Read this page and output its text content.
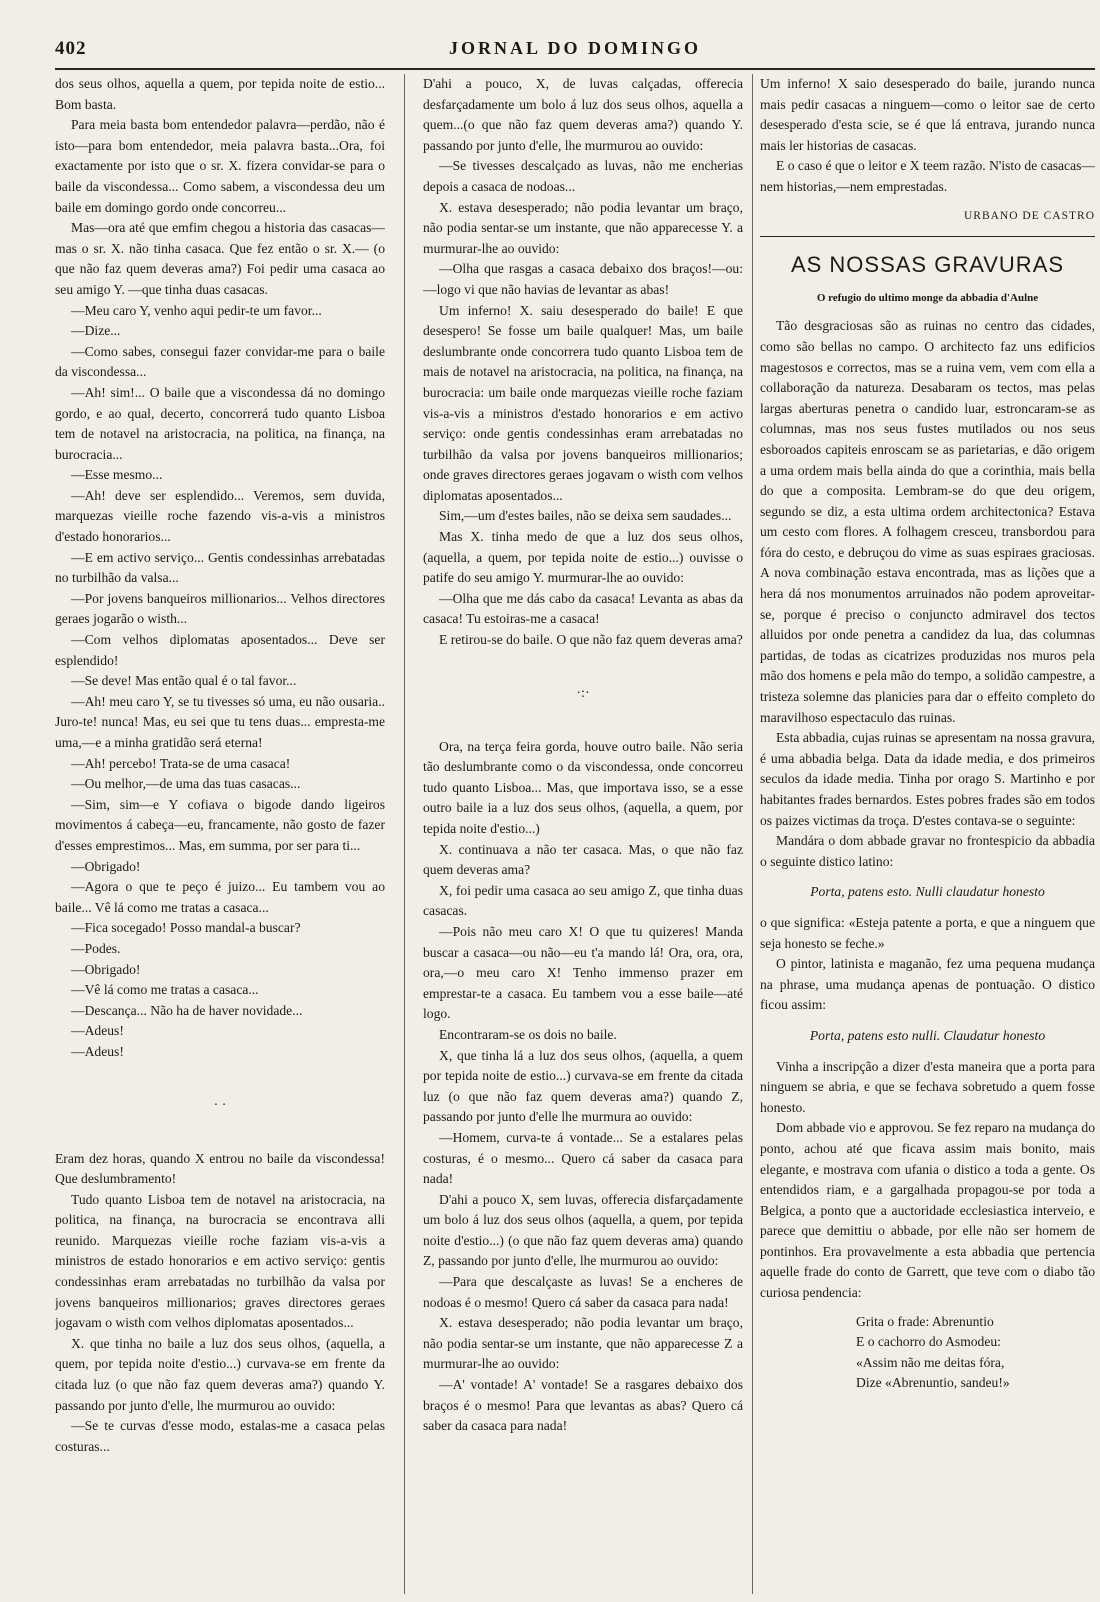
JORNAL DO DOMINGO
402

dos seus olhos, aquella a quem, por tepida noite de estio... Bom basta.

Para meia basta bom entendedor palavra—perdão, não é isto—para bom entendedor, meia palavra basta...Ora, foi exactamente por isto que o sr. X. fizera convidar-se para o baile da viscondessa... Como sabem, a viscondessa deu um baile em domingo gordo onde concorreu...

Mas—ora até que emfim chegou a historia das casacas—mas o sr. X. não tinha casaca. Que fez então o sr. X.— (o que não faz quem deveras ama?) Foi pedir uma casaca ao seu amigo Y. —que tinha duas casacas.

—Meu caro Y, venho aqui pedir-te um favor...

—Dize...

—Como sabes, consegui fazer convidar-me para o baile da viscondessa...

—Ah! sim!... O baile que a viscondessa dá no domingo gordo, e ao qual, decerto, concorrerá tudo quanto Lisboa tem de notavel na aristocracia, na politica, na finança, na burocracia...

—Esse mesmo...

—Ah! deve ser esplendido... Veremos, sem duvida, marquezas vieille roche fazendo vis-a-vis a ministros d'estado honorarios...

—E em activo serviço... Gentis condessinhas arrebatadas no turbilhão da valsa...

—Por jovens banqueiros millionarios... Velhos directores geraes jogarão o wisth...

—Com velhos diplomatas aposentados... Deve ser esplendido!

—Se deve! Mas então qual é o tal favor...

—Ah! meu caro Y, se tu tivesses só uma, eu não ousaria.. Juro-te! nunca! Mas, eu sei que tu tens duas... empresta-me uma,—e a minha gratidão será eterna!

—Ah! percebo! Trata-se de uma casaca!

—Ou melhor,—de uma das tuas casacas...

—Sim, sim—e Y cofiava o bigode dando ligeiros movimentos á cabeça—eu, francamente, não gosto de fazer d'esses emprestimos... Mas, em summa, por ser para ti...

—Obrigado!

—Agora o que te peço é juizo... Eu tambem vou ao baile... Vê lá como me tratas a casaca...

—Fica socegado! Posso mandal-a buscar?

—Podes.

—Obrigado!

—Vê lá como me tratas a casaca...

—Descança... Não ha de haver novidade...

—Adeus!

—Adeus!

· ·

Eram dez horas, quando X entrou no baile da viscondessa! Que deslumbramento!

Tudo quanto Lisboa tem de notavel na aristocracia, na politica, na finança, na burocracia se encontrava alli reunido. Marquezas vieille roche faziam vis-a-vis a ministros de estado honorarios e em activo serviço: gentis condessinhas eram arrebatadas no turbilhão da valsa por jovens banqueiros millionarios; graves directores geraes jogavam o wisth com velhos diplomatas aposentados...

X. que tinha no baile a luz dos seus olhos, (aquella, a quem, por tepida noite d'estio...) curvava-se em frente da citada luz (o que não faz quem deveras ama?) quando Y. passando por junto d'elle, lhe murmurou ao ouvido:

—Se te curvas d'esse modo, estalas-me a casaca pelas costuras...

D'ahi a pouco, X, de luvas calçadas, offerecia desfarçadamente um bolo á luz dos seus olhos, aquella a quem...(o que não faz quem deveras ama?) quando Y. passando por junto d'elle, lhe murmurou ao ouvido:

—Se tivesses descalçado as luvas, não me encherias depois a casaca de nodoas...

X. estava desesperado; não podia levantar um braço, não podia sentar-se um instante, que não apparecesse Y. a murmurar-lhe ao ouvido:

—Olha que rasgas a casaca debaixo dos braços!—ou:—logo vi que não havias de levantar as abas!

Um inferno! X. saiu desesperado do baile! E que desespero! Se fosse um baile qualquer! Mas, um baile deslumbrante onde concorrera tudo quanto Lisboa tem de mais de notavel na aristocracia, na politica, na finança, na burocracia: um baile onde marquezas vieille roche faziam vis-a-vis a ministros d'estado honorarios e em activo serviço: onde gentis condessinhas eram arrebatadas no turbilhão da valsa por jovens banqueiros millionarios; onde graves directores geraes jogavam o wisth com velhos diplomatas aposentados...

Sim,—um d'estes bailes, não se deixa sem saudades...

Mas X. tinha medo de que a luz dos seus olhos, (aquella, a quem, por tepida noite de estio...) ouvisse o patife do seu amigo Y. murmurar-lhe ao ouvido:

—Olha que me dás cabo da casaca! Levanta as abas da casaca! Tu estoiras-me a casaca!

E retirou-se do baile. O que não faz quem deveras ama?

·:·

Ora, na terça feira gorda, houve outro baile. Não seria tão deslumbrante como o da viscondessa, onde concorreu tudo quanto Lisboa... Mas, que importava isso, se a esse outro baile ia a luz dos seus olhos, (aquella, a quem, por tepida noite d'estio...)

X. continuava a não ter casaca. Mas, o que não faz quem deveras ama?

X, foi pedir uma casaca ao seu amigo Z, que tinha duas casacas.

—Pois não meu caro X! O que tu quizeres! Manda buscar a casaca—ou não—eu t'a mando lá! Ora, ora, ora, ora,—o meu caro X! Tenho immenso prazer em emprestar-te a casaca. Eu tambem vou a esse baile—até logo.

Encontraram-se os dois no baile.

X, que tinha lá a luz dos seus olhos, (aquella, a quem por tepida noite de estio...) curvava-se em frente da citada luz (o que não faz quem deveras ama?) quando Z, passando por junto d'elle lhe murmura ao ouvido:

—Homem, curva-te á vontade... Se a estalares pelas costuras, é o mesmo... Quero cá saber da casaca para nada!

D'ahi a pouco X, sem luvas, offerecia disfarçadamente um bolo á luz dos seus olhos (aquella, a quem, por tepida noite d'estio...) (o que não faz quem deveras ama) quando Z, passando por junto d'elle, lhe murmurou ao ouvido:

—Para que descalçaste as luvas! Se a encheres de nodoas é o mesmo! Quero cá saber da casaca para nada!

X. estava desesperado; não podia levantar um braço, não podia sentar-se um instante, que não apparecesse Z a murmurar-lhe ao ouvido:

—A' vontade! A' vontade! Se a rasgares debaixo dos braços é o mesmo! Para que levantas as abas? Quero cá saber da casaca para nada!

Um inferno! X saio desesperado do baile, jurando nunca mais pedir casacas a ninguem—como o leitor sae de certo desesperado d'esta scie, se é que lá entrava, jurando nunca mais ler historias de casacas.

E o caso é que o leitor e X teem razão. N'isto de casacas—nem historias,—nem emprestadas.

URBANO DE CASTRO
AS NOSSAS GRAVURAS
O refugio do ultimo monge da abbadia d'Aulne

Tão desgraciosas são as ruinas no centro das cidades, como são bellas no campo. O architecto faz uns edificios magestosos e correctos, mas se a ruina vem, vem com ella a collaboração da natureza. Desabaram os tectos, mas pelas largas aberturas penetra o candido luar, estroncaram-se as columnas, mas nos seus fustes mutilados ou nos seus esboroados capiteis enroscam se as parietarias, e dão origem a uma ordem mais bella ainda do que a corinthia, mais bella do que a composita. Lembram-se do que deu origem, segundo se diz, a esta ultima ordem architectonica? Estava um cesto com flores. A folhagem cresceu, transbordou para fóra do cesto, e debruçou do vime as suas espiraes graciosas. A nova combinação estava encontrada, mas as lições que a hera dá nos monumentos arruinados não podem aproveitar-se, porque é preciso o conjuncto admiravel dos tectos alluidos por onde penetra a candidez da lua, das columnas partidas, de todas as cicatrizes produzidas nos muros pela mão dos homens e pela mão do tempo, a solidão campestre, a tristeza solemne das planicies para dar o effeito completo do maravilhoso espectaculo das ruinas.

Esta abbadia, cujas ruinas se apresentam na nossa gravura, é uma abbadia belga. Data da idade media, e dos primeiros seculos da idade media. Tinha por orago S. Martinho e por habitantes frades bernardos. Estes pobres frades são em todos os paizes victimas da troça. D'estes contava-se o seguinte:

Mandára o dom abbade gravar no frontespicio da abbadia o seguinte distico latino:

Porta, patens esto. Nulli claudatur honesto

o que significa: «Esteja patente a porta, e que a ninguem que seja honesto se feche.»

O pintor, latinista e maganão, fez uma pequena mudança na phrase, uma mudança apenas de pontuação. O distico ficou assim:

Porta, patens esto nulli. Claudatur honesto

Vinha a inscripção a dizer d'esta maneira que a porta para ninguem se abria, e que se fechava sobretudo a quem fosse honesto.

Dom abbade vio e approvou. Se fez reparo na mudança do ponto, achou até que ficava assim mais bonito, mais elegante, e mostrava com ufania o distico a toda a gente. Os entendidos riam, e a gargalhada propagou-se por toda a Belgica, a ponto que a auctoridade ecclesiastica interveio, e parece que demittiu o abbade, por elle não ser homem de pontinhos. Era provavelmente a esta abbadia que pertencia aquelle frade do conto de Garrett, que teve com o diabo tão curiosa pendencia:

Grita o frade: Abrenuntio

E o cachorro do Asmodeu:

«Assim não me deitas fóra,

Dize «Abrenuntio, sandeu!»
